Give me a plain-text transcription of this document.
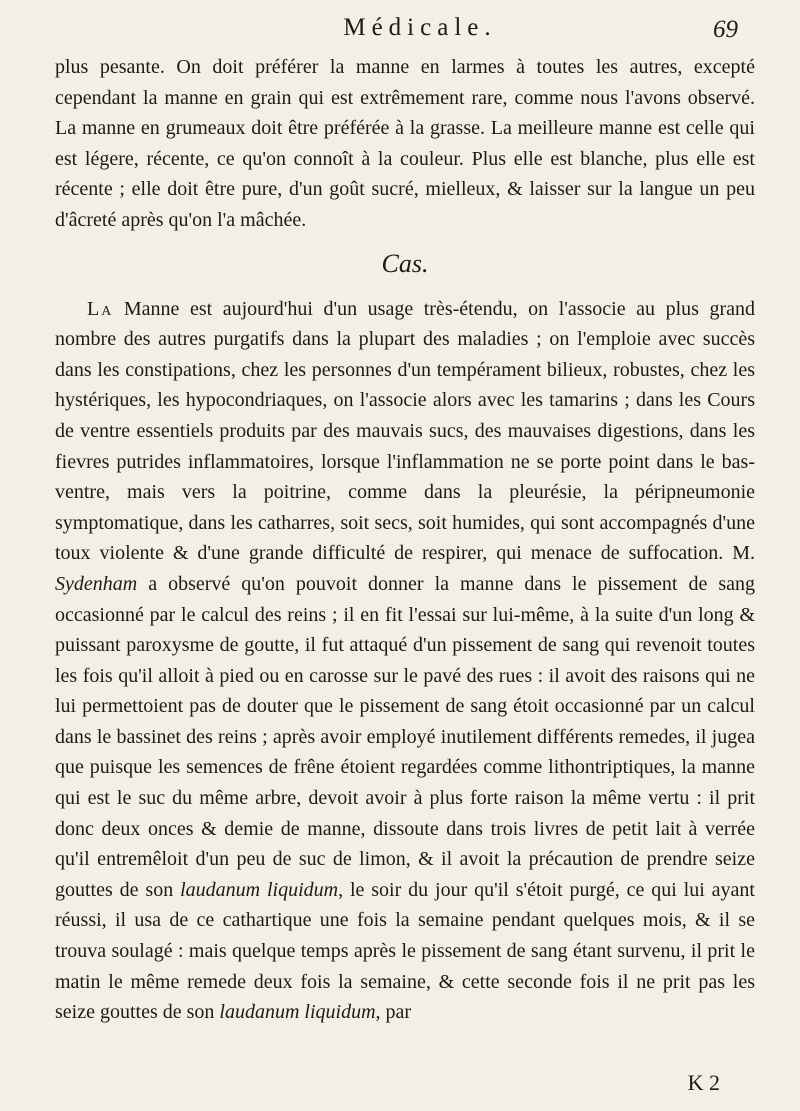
Médicale.	69

plus pesante. On doit préférer la manne en larmes à toutes les autres, excepté cependant la manne en grain qui est extrêmement rare, comme nous l'avons observé. La manne en grumeaux doit être préférée à la grasse. La meilleure manne est celle qui est légere, récente, ce qu'on connoît à la couleur. Plus elle est blanche, plus elle est récente ; elle doit être pure, d'un goût sucré, mielleux, & laisser sur la langue un peu d'âcreté après qu'on l'a mâchée.

Cas.

La Manne est aujourd'hui d'un usage très-étendu, on l'associe au plus grand nombre des autres purgatifs dans la plupart des maladies ; on l'emploie avec succès dans les constipations, chez les personnes d'un tempérament bilieux, robustes, chez les hystériques, les hypocondriaques, on l'associe alors avec les tamarins ; dans les Cours de ventre essentiels produits par des mauvais sucs, des mauvaises digestions, dans les fievres putrides inflammatoires, lorsque l'inflammation ne se porte point dans le bas-ventre, mais vers la poitrine, comme dans la pleurésie, la péripneumonie symptomatique, dans les catharres, soit secs, soit humides, qui sont accompagnés d'une toux violente & d'une grande difficulté de respirer, qui menace de suffocation. M. Sydenham a observé qu'on pouvoit donner la manne dans le pissement de sang occasionné par le calcul des reins ; il en fit l'essai sur lui-même, à la suite d'un long & puissant paroxysme de goutte, il fut attaqué d'un pissement de sang qui revenoit toutes les fois qu'il alloit à pied ou en carosse sur le pavé des rues : il avoit des raisons qui ne lui permettoient pas de douter que le pissement de sang étoit occasionné par un calcul dans le bassinet des reins ; après avoir employé inutilement différents remedes, il jugea que puisque les semences de frêne étoient regardées comme lithontriptiques, la manne qui est le suc du même arbre, devoit avoir à plus forte raison la même vertu : il prit donc deux onces & demie de manne, dissoute dans trois livres de petit lait à verrée qu'il entremêloit d'un peu de suc de limon, & il avoit la précaution de prendre seize gouttes de son laudanum liquidum, le soir du jour qu'il s'étoit purgé, ce qui lui ayant réussi, il usa de ce cathartique une fois la semaine pendant quelques mois, & il se trouva soulagé : mais quelque temps après le pissement de sang étant survenu, il prit le matin le même remede deux fois la semaine, & cette seconde fois il ne prit pas les seize gouttes de son laudanum liquidum, par

K 2
